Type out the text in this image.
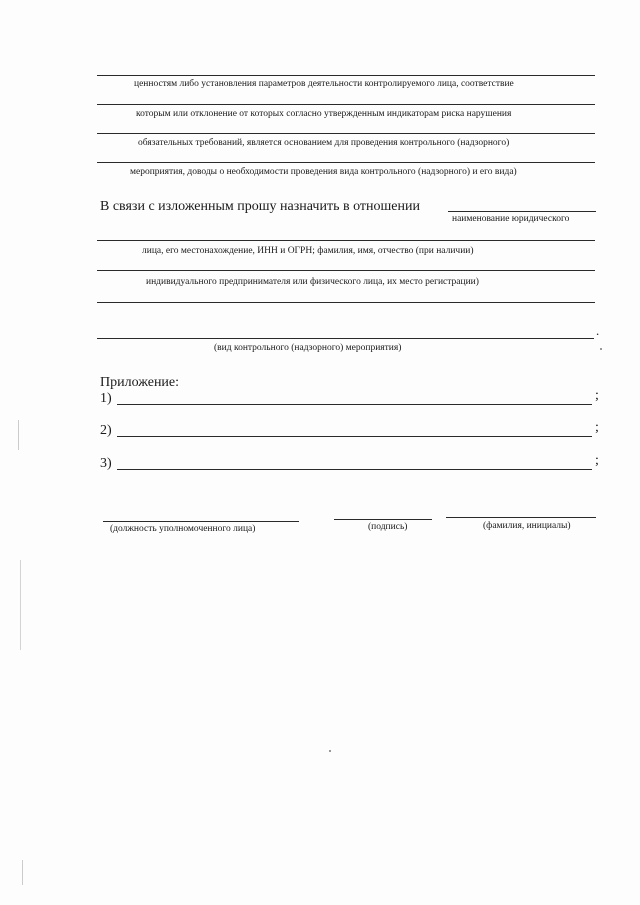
ценностям либо установления параметров деятельности контролируемого лица, соответствие
которым или отклонение от которых согласно утвержденным индикаторам риска нарушения
обязательных требований, является основанием для проведения контрольного (надзорного)
мероприятия, доводы о необходимости проведения вида контрольного (надзорного) и его вида)
В связи с изложенным прошу назначить в отношении
наименование юридического
лица, его местонахождение, ИНН и ОГРН; фамилия, имя, отчество (при наличии)
индивидуального предпринимателя или физического лица, их место регистрации)
.
(вид контрольного (надзорного) мероприятия)
Приложение:
1)	;
2)	;
3)	;
(должность уполномоченного лица)	(подпись)	(фамилия, инициалы)
